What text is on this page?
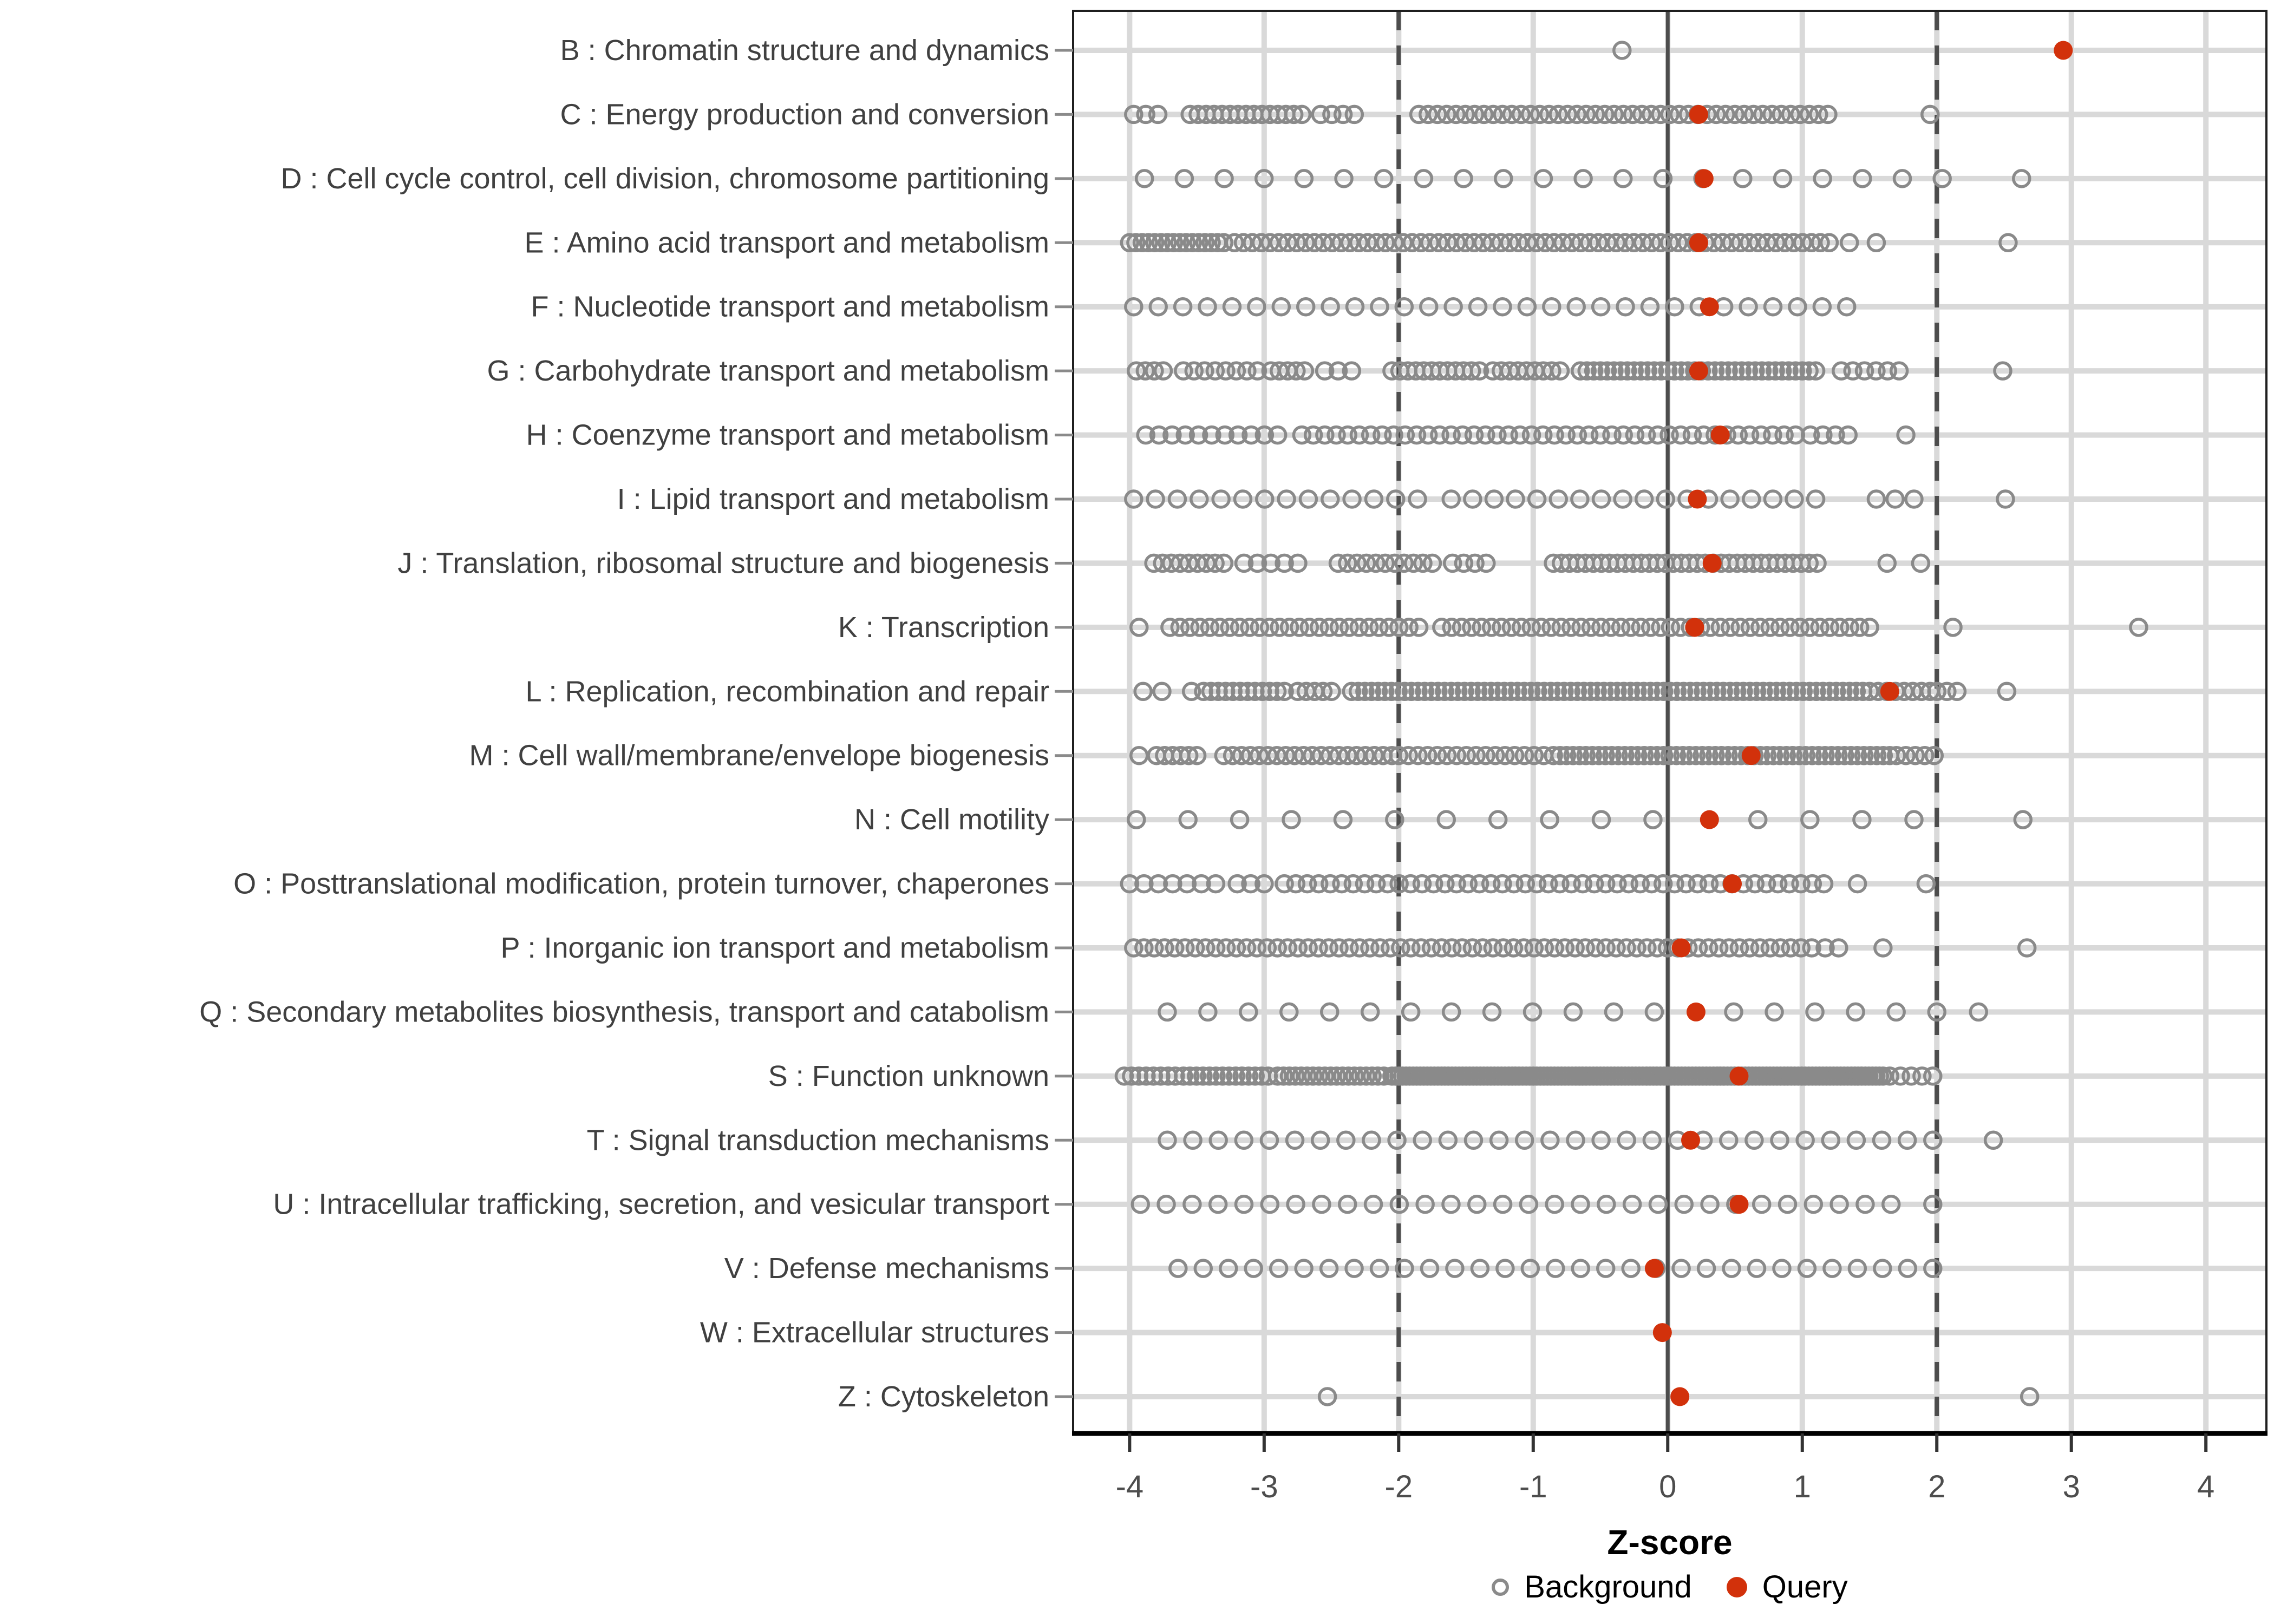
-4	-3	-2	-1	0	1	2	3	4
B : Chromatin structure and dynamics
C : Energy production and conversion
D : Cell cycle control, cell division, chromosome partitioning
E : Amino acid transport and metabolism
F : Nucleotide transport and metabolism
G : Carbohydrate transport and metabolism
H : Coenzyme transport and metabolism
I : Lipid transport and metabolism
J : Translation, ribosomal structure and biogenesis
K : Transcription
L : Replication, recombination and repair
M : Cell wall/membrane/envelope biogenesis
N : Cell motility
O : Posttranslational modification, protein turnover, chaperones
P : Inorganic ion transport and metabolism
Q : Secondary metabolites biosynthesis, transport and catabolism
S : Function unknown
T : Signal transduction mechanisms
U : Intracellular trafficking, secretion, and vesicular transport
V : Defense mechanisms
W : Extracellular structures
Z : Cytoskeleton
Z-score
Background Query
